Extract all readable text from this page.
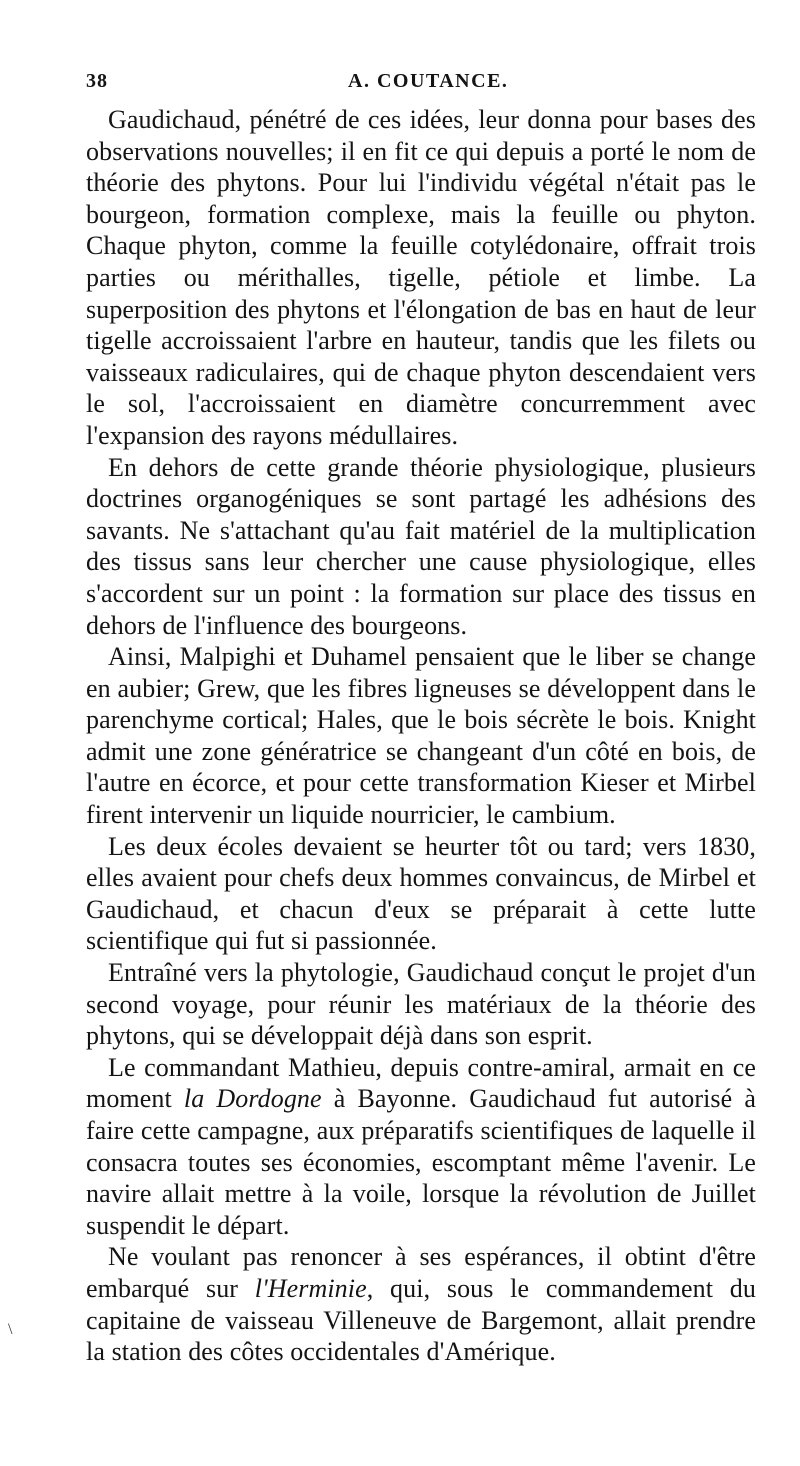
38	A. COUTANCE.

Gaudichaud, pénétré de ces idées, leur donna pour bases des observations nouvelles; il en fit ce qui depuis a porté le nom de théorie des phytons. Pour lui l'individu végétal n'était pas le bourgeon, formation complexe, mais la feuille ou phyton. Chaque phyton, comme la feuille cotylédonaire, offrait trois parties ou mérithalles, tigelle, pétiole et limbe. La superposition des phytons et l'élongation de bas en haut de leur tigelle accroissaient l'arbre en hauteur, tandis que les filets ou vaisseaux radiculaires, qui de chaque phyton descendaient vers le sol, l'accroissaient en diamètre concurremment avec l'expansion des rayons médullaires.

En dehors de cette grande théorie physiologique, plusieurs doctrines organogéniques se sont partagé les adhésions des savants. Ne s'attachant qu'au fait matériel de la multiplication des tissus sans leur chercher une cause physiologique, elles s'accordent sur un point : la formation sur place des tissus en dehors de l'influence des bourgeons.

Ainsi, Malpighi et Duhamel pensaient que le liber se change en aubier; Grew, que les fibres ligneuses se développent dans le parenchyme cortical; Hales, que le bois sécrète le bois. Knight admit une zone génératrice se changeant d'un côté en bois, de l'autre en écorce, et pour cette transformation Kieser et Mirbel firent intervenir un liquide nourricier, le cambium.

Les deux écoles devaient se heurter tôt ou tard; vers 1830, elles avaient pour chefs deux hommes convaincus, de Mirbel et Gaudichaud, et chacun d'eux se préparait à cette lutte scientifique qui fut si passionnée.

Entraîné vers la phytologie, Gaudichaud conçut le projet d'un second voyage, pour réunir les matériaux de la théorie des phytons, qui se développait déjà dans son esprit.

Le commandant Mathieu, depuis contre-amiral, armait en ce moment la Dordogne à Bayonne. Gaudichaud fut autorisé à faire cette campagne, aux préparatifs scientifiques de laquelle il consacra toutes ses économies, escomptant même l'avenir. Le navire allait mettre à la voile, lorsque la révolution de Juillet suspendit le départ.

Ne voulant pas renoncer à ses espérances, il obtint d'être embarqué sur l'Herminie, qui, sous le commandement du capitaine de vaisseau Villeneuve de Bargemont, allait prendre la station des côtes occidentales d'Amérique.

\
